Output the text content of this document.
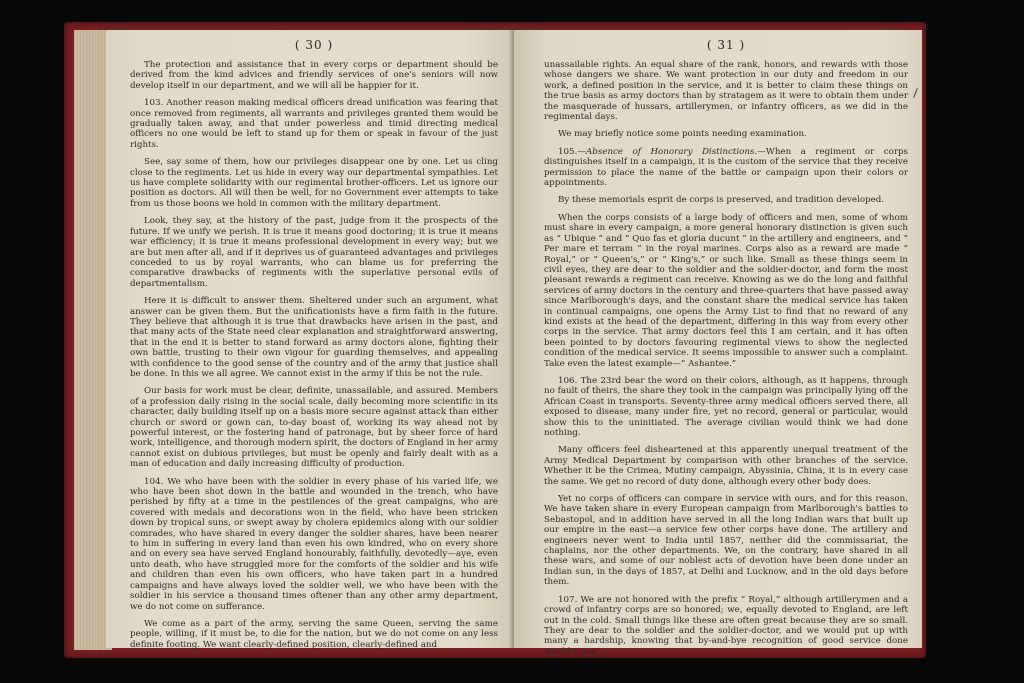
( 30 )

The protection and assistance that in every corps or department should be derived from the kind advices and friendly services of one's seniors will now develop itself in our department, and we will all be happier for it.

103. Another reason making medical officers dread unification was fearing that once removed from regiments, all warrants and privileges granted them would be gradually taken away, and that under powerless and timid directing medical officers no one would be left to stand up for them or speak in favour of the just rights.

See, say some of them, how our privileges disappear one by one. Let us cling close to the regiments. Let us hide in every way our departmental sympathies. Let us have complete solidarity with our regimental brother-officers. Let us ignore our position as doctors. All will then be well, for no Government ever attempts to take from us those boons we hold in common with the military department.

Look, they say, at the history of the past, judge from it the prospects of the future. If we unify we perish. It is true it means good doctoring; it is true it means war efficiency; it is true it means professional development in every way; but we are but men after all, and if it deprives us of guaranteed advantages and privileges conceded to us by royal warrants, who can blame us for preferring the comparative drawbacks of regiments with the superlative personal evils of departmentalism.

Here it is difficult to answer them. Sheltered under such an argument, what answer can be given them. But the unificationists have a firm faith in the future. They believe that although it is true that drawbacks have arisen in the past, and that many acts of the State need clear explanation and straightforward answering, that in the end it is better to stand forward as army doctors alone, fighting their own battle, trusting to their own vigour for guarding themselves, and appealing with confidence to the good sense of the country and of the army that justice shall be done. In this we all agree. We cannot exist in the army if this be not the rule.

Our basis for work must be clear, definite, unassailable, and assured. Members of a profession daily rising in the social scale, daily becoming more scientific in its character, daily building itself up on a basis more secure against attack than either church or sword or gown can, to-day boast of, working its way ahead not by powerful interest, or the fostering hand of patronage, but by sheer force of hard work, intelligence, and thorough modern spirit, the doctors of England in her army cannot exist on dubious privileges, but must be openly and fairly dealt with as a man of education and daily increasing difficulty of production.

104. We who have been with the soldier in every phase of his varied life, we who have been shot down in the battle and wounded in the trench, who have perished by fifty at a time in the pestilences of the great campaigns, who are covered with medals and decorations won in the field, who have been stricken down by tropical suns, or swept away by cholera epidemics along with our soldier comrades, who have shared in every danger the soldier shares, have been nearer to him in suffering in every land than even his own kindred, who on every shore and on every sea have served England honourably, faithfully, devotedly—aye, even unto death, who have struggled more for the comforts of the soldier and his wife and children than even his own officers, who have taken part in a hundred campaigns and have always loved the soldier well, we who have been with the soldier in his service a thousand times oftener than any other army department, we do not come on sufferance.

We come as a part of the army, serving the same Queen, serving the same people, willing, if it must be, to die for the nation, but we do not come on any less definite footing. We want clearly-defined position, clearly-defined and

( 31 )

unassailable rights. An equal share of the rank, honors, and rewards with those whose dangers we share. We want protection in our duty and freedom in our work, a defined position in the service, and it is better to claim these things on the true basis as army doctors than by stratagem as it were to obtain them under the masquerade of hussars, artillerymen, or infantry officers, as we did in the regimental days.

We may briefly notice some points needing examination.

105.—Absence of Honorary Distinctions.—When a regiment or corps distinguishes itself in a campaign, it is the custom of the service that they receive permission to place the name of the battle or campaign upon their colors or appointments.

By these memorials esprit de corps is preserved, and tradition developed.

When the corps consists of a large body of officers and men, some of whom must share in every campaign, a more general honorary distinction is given such as “ Ubique ” and “ Quo fas et gloria ducunt ” in the artillery and engineers, and “ Per mare et terram ” in the royal marines. Corps also as a reward are made “ Royal,” or “ Queen's,” or “ King's,” or such like. Small as these things seem in civil eyes, they are dear to the soldier and the soldier-doctor, and form the most pleasant rewards a regiment can receive. Knowing as we do the long and faithful services of army doctors in the century and three-quarters that have passed away since Marlborough's days, and the constant share the medical service has taken in continual campaigns, one opens the Army List to find that no reward of any kind exists at the head of the department, differing in this way from every other corps in the service. That army doctors feel this I am certain, and it has often been pointed to by doctors favouring regimental views to show the neglected condition of the medical service. It seems impossible to answer such a complaint. Take even the latest example—“ Ashantee.”

106. The 23rd bear the word on their colors, although, as it happens, through no fault of theirs, the share they took in the campaign was principally lying off the African Coast in transports. Seventy-three army medical officers served there, all exposed to disease, many under fire, yet no record, general or particular, would show this to the uninitiated. The average civilian would think we had done nothing.

Many officers feel disheartened at this apparently unequal treatment of the Army Medical Department by comparison with other branches of the service. Whether it be the Crimea, Mutiny campaign, Abyssinia, China, it is in every case the same. We get no record of duty done, although every other body does.

Yet no corps of officers can compare in service with ours, and for this reason. We have taken share in every European campaign from Marlborough's battles to Sebastopol, and in addition have served in all the long Indian wars that built up our empire in the east—a service few other corps have done. The artillery and engineers never went to India until 1857, neither did the commissariat, the chaplains, nor the other departments. We, on the contrary, have shared in all these wars, and some of our noblest acts of devotion have been done under an Indian sun, in the days of 1857, at Delhi and Lucknow, and in the old days before them.

107. We are not honored with the prefix “ Royal,” although artillerymen and a crowd of infantry corps are so honored; we, equally devoted to England, are left out in the cold. Small things like these are often great because they are so small. They are dear to the soldier and the soldier-doctor, and we would put up with many a hardship, knowing that by-and-bye recognition of good service done would come.
